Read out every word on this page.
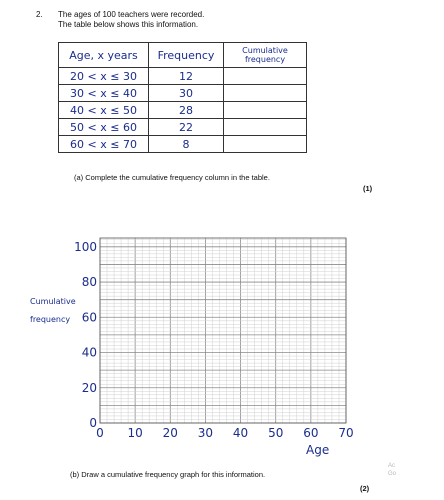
2. The ages of 100 teachers were recorded.
The table below shows this information.
Age, x years	Frequency	Cumulative frequency
20 < x ≤ 30	12	
30 < x ≤ 40	30	
40 < x ≤ 50	28	
50 < x ≤ 60	22	
60 < x ≤ 70	8	
(a) Complete the cumulative frequency column in the table.
(1)
100
80
60
40
20
0
0 10 20 30 40 50 60 70
Cumulative
frequency
Age
(b) Draw a cumulative frequency graph for this information.
(2)
Ac
Go
